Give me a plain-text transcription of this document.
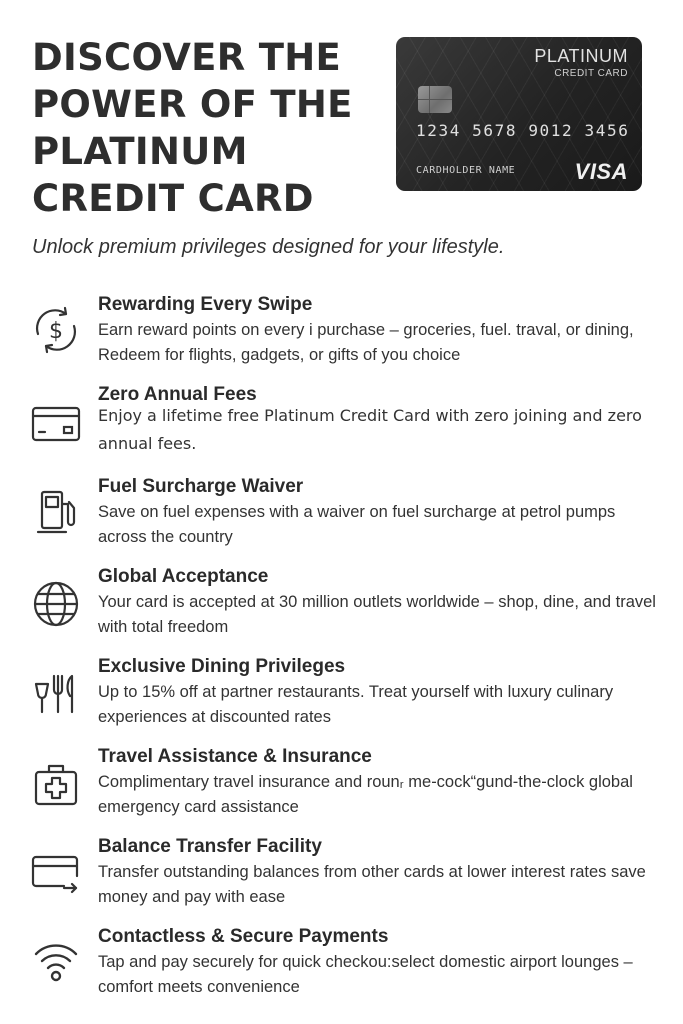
DISCOVER THE
POWER OF THE
PLATINUM
CREDIT CARD
PLATINUM
CREDIT CARD
1234 5678 9012 3456
CARDHOLDER NAME	VISA

Unlock premium privileges designed for your lifestyle.

$

Rewarding Every Swipe

Earn reward points on every i purchase – groceries, fuel. traval, or dining, Redeem for flights, gadgets, or gifts of you choice

Zero Annual Fees

Enjoy a lifetime free Platinum Credit Card with zero joining and zero annual fees.

Fuel Surcharge Waiver

Save on fuel expenses with a waiver on fuel surcharge at petrol pumps across the country

Global Acceptance

Your card is accepted at 30 million outlets worldwide – shop, dine, and travel with total freedom

Exclusive Dining Privileges

Up to 15% off at partner restaurants. Treat yourself with luxury culinary experiences at discounted rates

Travel Assistance & Insurance

Complimentary travel insurance and rounᵣ me-cock“gund-the-clock global emergency card assistance

Balance Transfer Facility

Transfer outstanding balances from other cards at lower interest rates save money and pay with ease

Contactless & Secure Payments

Tap and pay securely for quick checkou:select domestic airport lounges – comfort meets convenience
